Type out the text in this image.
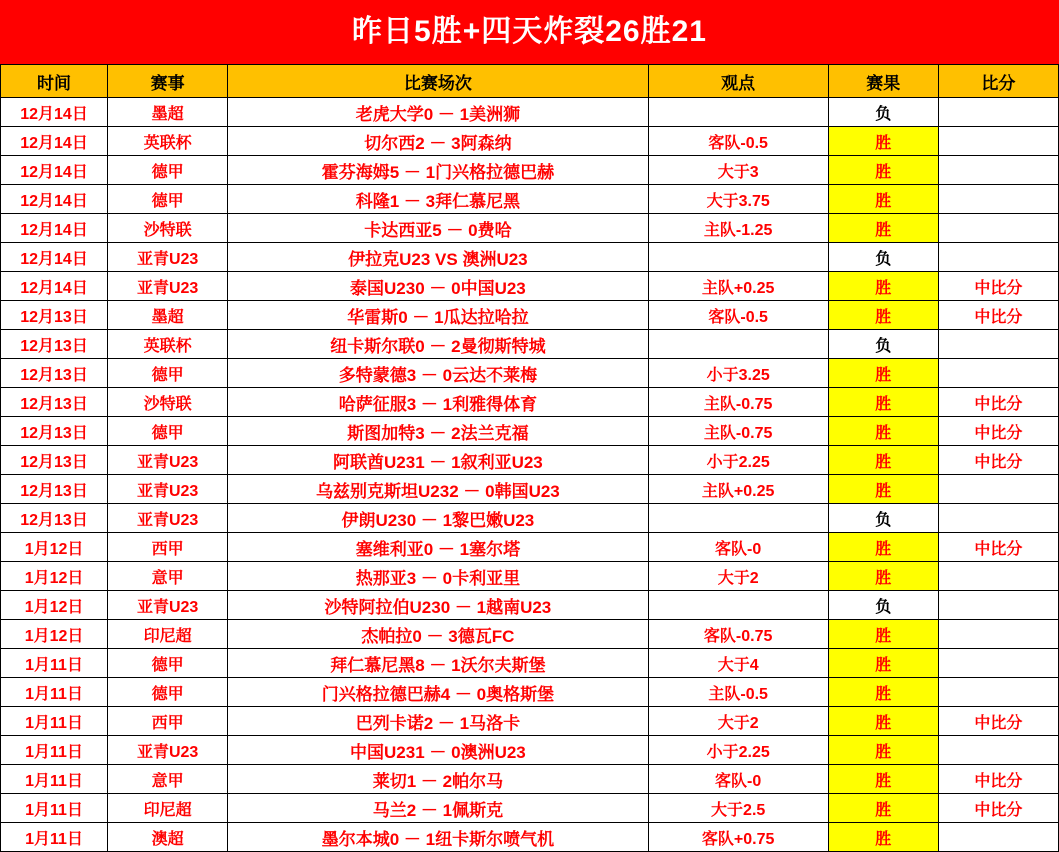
昨日5胜+四天炸裂26胜21
时间	赛事	比赛场次	观点	赛果	比分
12月14日	墨超	老虎大学0 － 1美洲狮		负	
12月14日	英联杯	切尔西2 － 3阿森纳	客队-0.5	胜	
12月14日	德甲	霍芬海姆5 － 1门兴格拉德巴赫	大于3	胜	
12月14日	德甲	科隆1 － 3拜仁慕尼黑	大于3.75	胜	
12月14日	沙特联	卡达西亚5 － 0费哈	主队-1.25	胜	
12月14日	亚青U23	伊拉克U23 VS 澳洲U23		负	
12月14日	亚青U23	泰国U230 － 0中国U23	主队+0.25	胜	中比分
12月13日	墨超	华雷斯0 － 1瓜达拉哈拉	客队-0.5	胜	中比分
12月13日	英联杯	纽卡斯尔联0 － 2曼彻斯特城		负	
12月13日	德甲	多特蒙德3 － 0云达不莱梅	小于3.25	胜	
12月13日	沙特联	哈萨征服3 － 1利雅得体育	主队-0.75	胜	中比分
12月13日	德甲	斯图加特3 － 2法兰克福	主队-0.75	胜	中比分
12月13日	亚青U23	阿联酋U231 － 1叙利亚U23	小于2.25	胜	中比分
12月13日	亚青U23	乌兹别克斯坦U232 － 0韩国U23	主队+0.25	胜	
12月13日	亚青U23	伊朗U230 － 1黎巴嫩U23		负	
1月12日	西甲	塞维利亚0 － 1塞尔塔	客队-0	胜	中比分
1月12日	意甲	热那亚3 － 0卡利亚里	大于2	胜	
1月12日	亚青U23	沙特阿拉伯U230 － 1越南U23		负	
1月12日	印尼超	杰帕拉0 － 3德瓦FC	客队-0.75	胜	
1月11日	德甲	拜仁慕尼黑8 － 1沃尔夫斯堡	大于4	胜	
1月11日	德甲	门兴格拉德巴赫4 － 0奥格斯堡	主队-0.5	胜	
1月11日	西甲	巴列卡诺2 － 1马洛卡	大于2	胜	中比分
1月11日	亚青U23	中国U231 － 0澳洲U23	小于2.25	胜	
1月11日	意甲	莱切1 － 2帕尔马	客队-0	胜	中比分
1月11日	印尼超	马兰2 － 1佩斯克	大于2.5	胜	中比分
1月11日	澳超	墨尔本城0 － 1纽卡斯尔喷气机	客队+0.75	胜	
